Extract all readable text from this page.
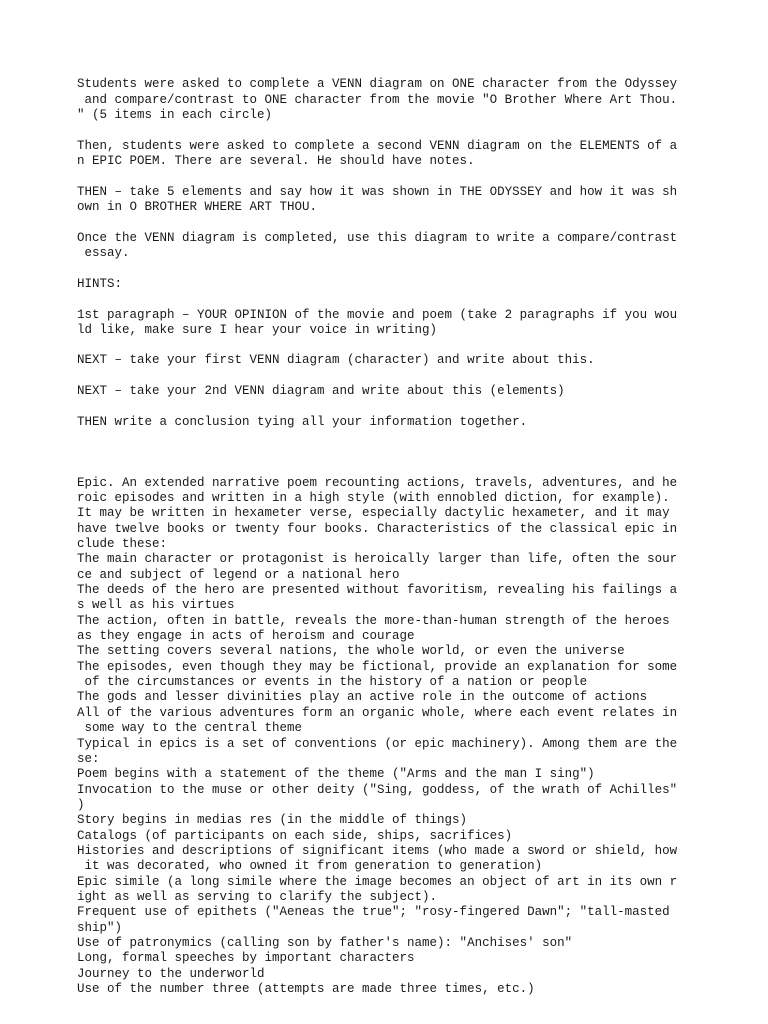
Students were asked to complete a VENN diagram on ONE character from the Odyssey

and compare/contrast to ONE character from the movie "O Brother Where Art Thou.

" (5 items in each circle)

Then, students were asked to complete a second VENN diagram on the ELEMENTS of a

n EPIC POEM. There are several. He should have notes.

THEN – take 5 elements and say how it was shown in THE ODYSSEY and how it was sh

own in O BROTHER WHERE ART THOU.

Once the VENN diagram is completed, use this diagram to write a compare/contrast

essay.

HINTS:

1st paragraph – YOUR OPINION of the movie and poem (take 2 paragraphs if you wou

ld like, make sure I hear your voice in writing)

NEXT – take your first VENN diagram (character) and write about this.

NEXT – take your 2nd VENN diagram and write about this (elements)

THEN write a conclusion tying all your information together.

Epic. An extended narrative poem recounting actions, travels, adventures, and he

roic episodes and written in a high style (with ennobled diction, for example).

It may be written in hexameter verse, especially dactylic hexameter, and it may

have twelve books or twenty four books. Characteristics of the classical epic in

clude these:

The main character or protagonist is heroically larger than life, often the sour

ce and subject of legend or a national hero

The deeds of the hero are presented without favoritism, revealing his failings a

s well as his virtues

The action, often in battle, reveals the more-than-human strength of the heroes

as they engage in acts of heroism and courage

The setting covers several nations, the whole world, or even the universe

The episodes, even though they may be fictional, provide an explanation for some

of the circumstances or events in the history of a nation or people

The gods and lesser divinities play an active role in the outcome of actions

All of the various adventures form an organic whole, where each event relates in

some way to the central theme

Typical in epics is a set of conventions (or epic machinery). Among them are the

se:

Poem begins with a statement of the theme ("Arms and the man I sing")

Invocation to the muse or other deity ("Sing, goddess, of the wrath of Achilles"

)

Story begins in medias res (in the middle of things)

Catalogs (of participants on each side, ships, sacrifices)

Histories and descriptions of significant items (who made a sword or shield, how

it was decorated, who owned it from generation to generation)

Epic simile (a long simile where the image becomes an object of art in its own r

ight as well as serving to clarify the subject).

Frequent use of epithets ("Aeneas the true"; "rosy-fingered Dawn"; "tall-masted

ship")

Use of patronymics (calling son by father's name): "Anchises' son"

Long, formal speeches by important characters

Journey to the underworld

Use of the number three (attempts are made three times, etc.)
